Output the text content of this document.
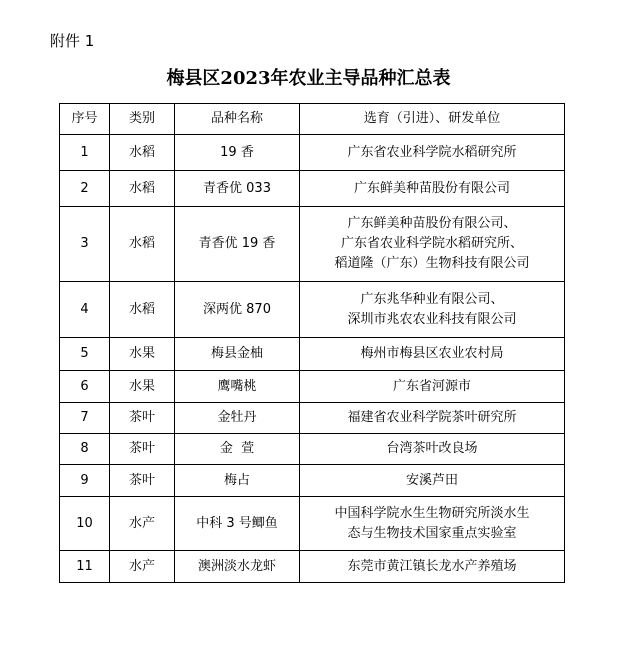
附件 1
梅县区2023年农业主导品种汇总表
序号	类别	品种名称	选育（引进）、研发单位
1	水稻	19 香	广东省农业科学院水稻研究所
2	水稻	青香优 033	广东鲜美种苗股份有限公司
3	水稻	青香优 19 香	广东鲜美种苗股份有限公司、
广东省农业科学院水稻研究所、
稻道隆（广东）生物科技有限公司
4	水稻	深两优 870	广东兆华种业有限公司、
深圳市兆农农业科技有限公司
5	水果	梅县金柚	梅州市梅县区农业农村局
6	水果	鹰嘴桃	广东省河源市
7	茶叶	金牡丹	福建省农业科学院茶叶研究所
8	茶叶	金  萱	台湾茶叶改良场
9	茶叶	梅占	安溪芦田
10	水产	中科 3 号鲫鱼	中国科学院水生生物研究所淡水生
态与生物技术国家重点实验室
11	水产	澳洲淡水龙虾	东莞市黄江镇长龙水产养殖场
